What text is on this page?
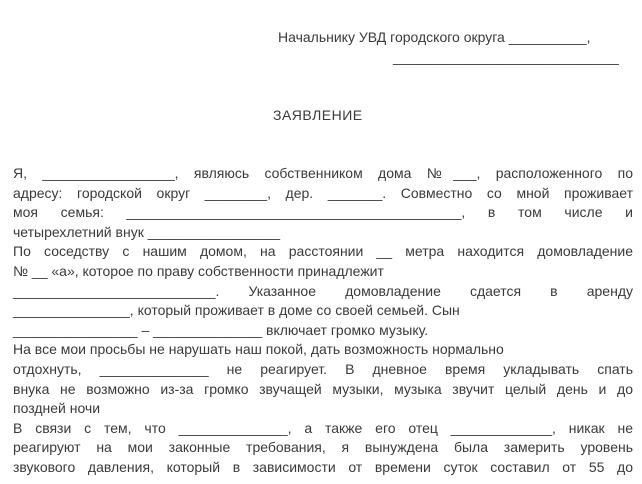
Начальнику УВД городского округа __________,
_____________________________
ЗАЯВЛЕНИЕ
Я, _________________, являюсь собственником дома №___, расположенного по
адресу: городской округ ________, дер. _______. Совместно со мной проживает
моя семья: ___________________________________________, в том числе и
четырехлетний внук _________________
По соседству с нашим домом, на расстоянии __ метра находится домовладение
№ __ «а», которое по праву собственности принадлежит
__________________________. Указанное домовладение сдается в аренду
_______________, который проживает в доме со своей семьей. Сын
________________ – ______________ включает громко музыку.
На все мои просьбы не нарушать наш покой, дать возможность нормально
отдохнуть, ______________ не реагирует. В дневное время укладывать спать
внука не возможно из-за громко звучащей музыки, музыка звучит целый день и до
поздней ночи
В связи с тем, что ______________, а также его отец _____________, никак не
реагируют на мои законные требования, я вынуждена была замерить уровень
звукового давления, который в зависимости от времени суток составил от 55 до
